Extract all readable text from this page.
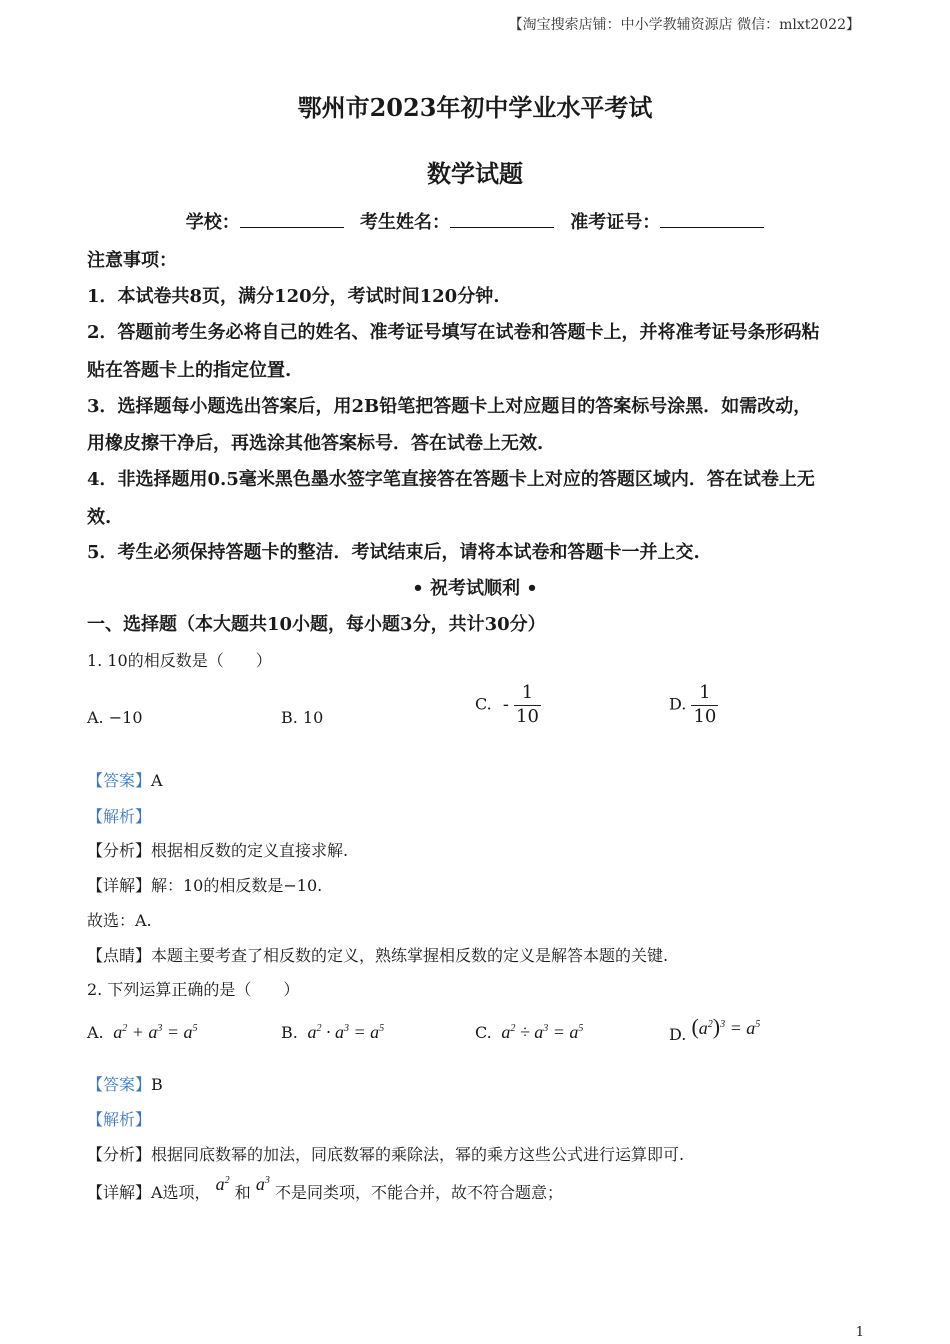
【淘宝搜索店铺：中小学教辅资源店 微信：mlxt2022】
鄂州市2023年初中学业水平考试
数学试题
学校：	考生姓名：	准考证号：
注意事项：
1．本试卷共8页，满分120分，考试时间120分钟.
2．答题前考生务必将自己的姓名、准考证号填写在试卷和答题卡上，并将准考证号条形码粘
贴在答题卡上的指定位置.
3．选择题每小题选出答案后，用2B铅笔把答题卡上对应题目的答案标号涂黑．如需改动，
用橡皮擦干净后，再选涂其他答案标号．答在试卷上无效.
4．非选择题用0.5毫米黑色墨水签字笔直接答在答题卡上对应的答题区域内．答在试卷上无
效.
5．考生必须保持答题卡的整洁．考试结束后，请将本试卷和答题卡一并上交.
• 祝考试顺利 •
一、选择题（本大题共10小题，每小题3分，共计30分）
1. 10的相反数是（　　）
A. −10	B. 10
C. - $\frac{1}{10}$	D. $\frac{1}{10}$
【答案】A
【解析】
【分析】根据相反数的定义直接求解.
【详解】解：10的相反数是−10.
故选：A.
【点睛】本题主要考查了相反数的定义，熟练掌握相反数的定义是解答本题的关键.
2. 下列运算正确的是（　　）
A.  $a^2 + a^3 = a^5$	B.  $a^2 \cdot a^3 = a^5$	C.  $a^2 \div a^3 = a^5$	D. $(a^2)^3 = a^5$
【答案】B
【解析】
【分析】根据同底数幂的加法，同底数幂的乘除法，幂的乘方这些公式进行运算即可.
【详解】A选项， $a^2$ 和 $a^3$ 不是同类项，不能合并，故不符合题意；
1
